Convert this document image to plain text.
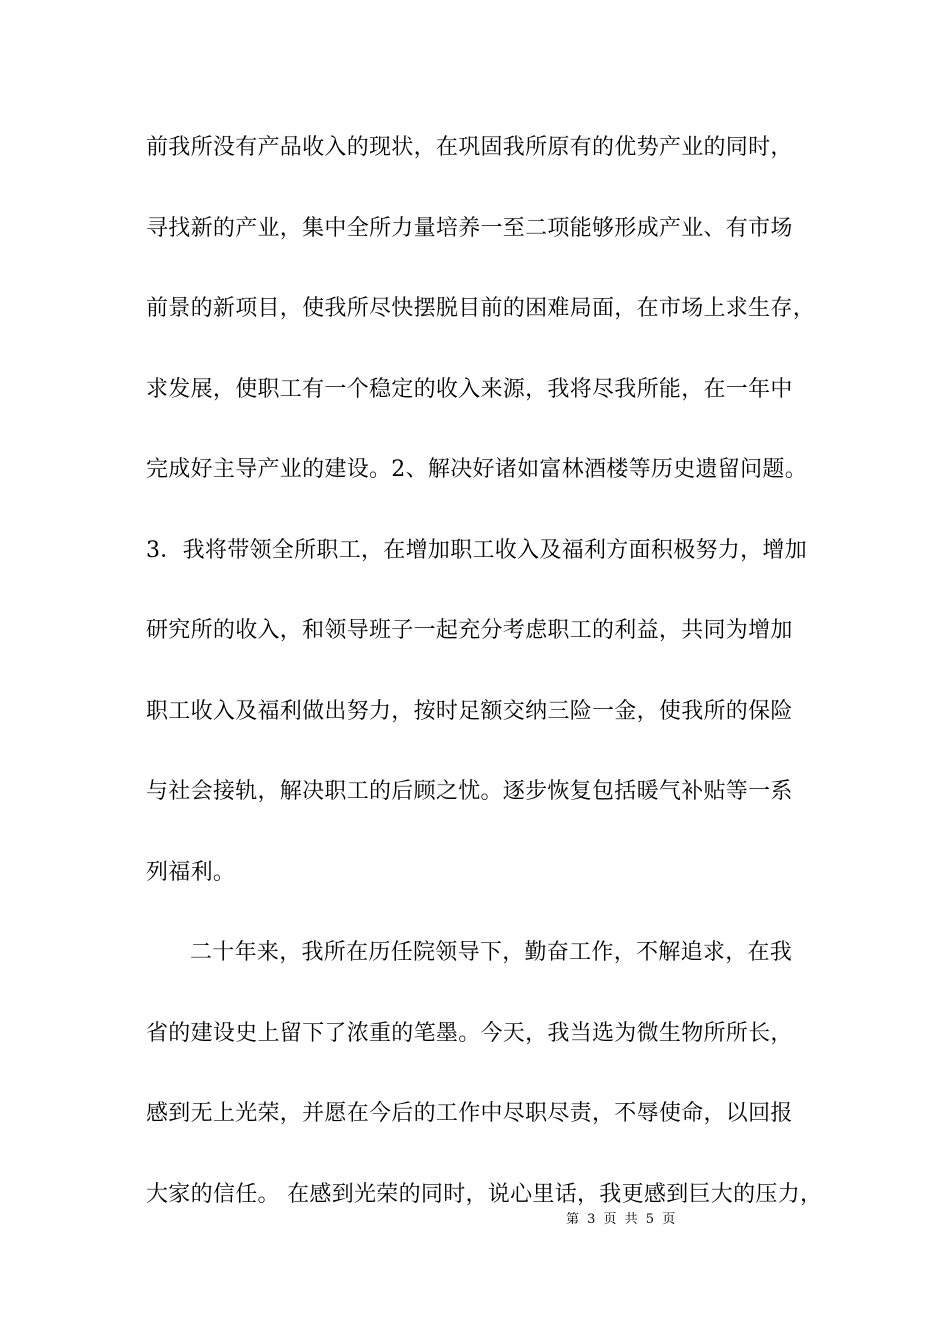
前我所没有产品收入的现状，在巩固我所原有的优势产业的同时，
寻找新的产业，集中全所力量培养一至二项能够形成产业、有市场
前景的新项目，使我所尽快摆脱目前的困难局面，在市场上求生存，
求发展，使职工有一个稳定的收入来源，我将尽我所能，在一年中
完成好主导产业的建设。2、解决好诸如富林酒楼等历史遗留问题。
3．我将带领全所职工，在增加职工收入及福利方面积极努力，增加
研究所的收入，和领导班子一起充分考虑职工的利益，共同为增加
职工收入及福利做出努力，按时足额交纳三险一金，使我所的保险
与社会接轨，解决职工的后顾之忧。逐步恢复包括暖气补贴等一系
列福利。
二十年来，我所在历任院领导下，勤奋工作，不解追求，在我
省的建设史上留下了浓重的笔墨。今天，我当选为微生物所所长，
感到无上光荣，并愿在今后的工作中尽职尽责，不辱使命，以回报
大家的信任。 在感到光荣的同时，说心里话，我更感到巨大的压力，
第 3 页 共 5 页
